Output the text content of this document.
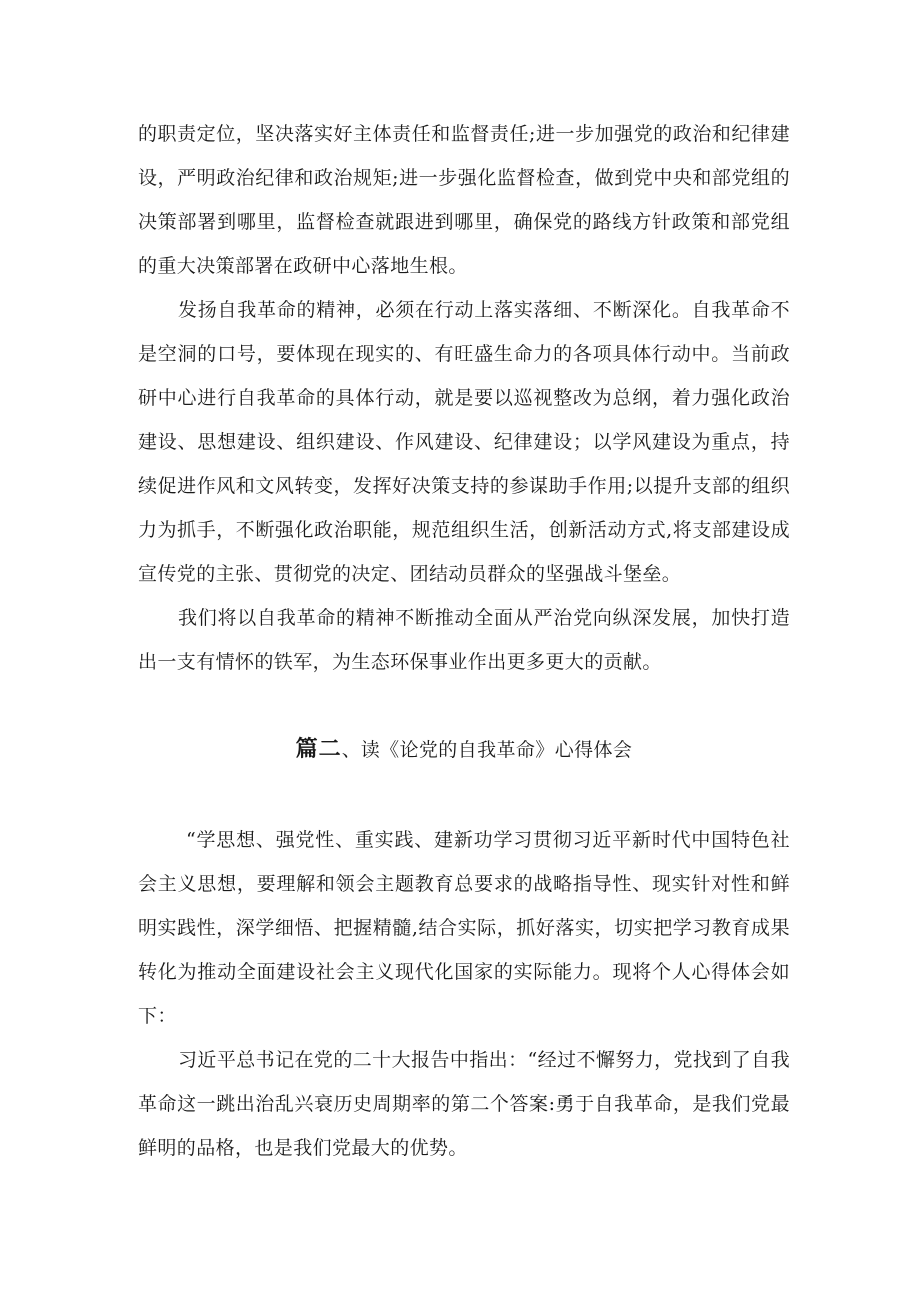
的职责定位，坚决落实好主体责任和监督责任;进一步加强党的政治和纪律建设，严明政治纪律和政治规矩;进一步强化监督检查，做到党中央和部党组的决策部署到哪里，监督检查就跟进到哪里，确保党的路线方针政策和部党组的重大决策部署在政研中心落地生根。

发扬自我革命的精神，必须在行动上落实落细、不断深化。自我革命不是空洞的口号，要体现在现实的、有旺盛生命力的各项具体行动中。当前政研中心进行自我革命的具体行动，就是要以巡视整改为总纲，着力强化政治建设、思想建设、组织建设、作风建设、纪律建设；以学风建设为重点，持续促进作风和文风转变，发挥好决策支持的参谋助手作用;以提升支部的组织力为抓手，不断强化政治职能，规范组织生活，创新活动方式,将支部建设成宣传党的主张、贯彻党的决定、团结动员群众的坚强战斗堡垒。

我们将以自我革命的精神不断推动全面从严治党向纵深发展，加快打造出一支有情怀的铁军，为生态环保事业作出更多更大的贡献。

篇二、读《论党的自我革命》心得体会

“学思想、强党性、重实践、建新功学习贯彻习近平新时代中国特色社会主义思想，要理解和领会主题教育总要求的战略指导性、现实针对性和鲜明实践性，深学细悟、把握精髓,结合实际，抓好落实，切实把学习教育成果转化为推动全面建设社会主义现代化国家的实际能力。现将个人心得体会如下：

习近平总书记在党的二十大报告中指出：“经过不懈努力，党找到了自我革命这一跳出治乱兴衰历史周期率的第二个答案:勇于自我革命，是我们党最鲜明的品格，也是我们党最大的优势。
